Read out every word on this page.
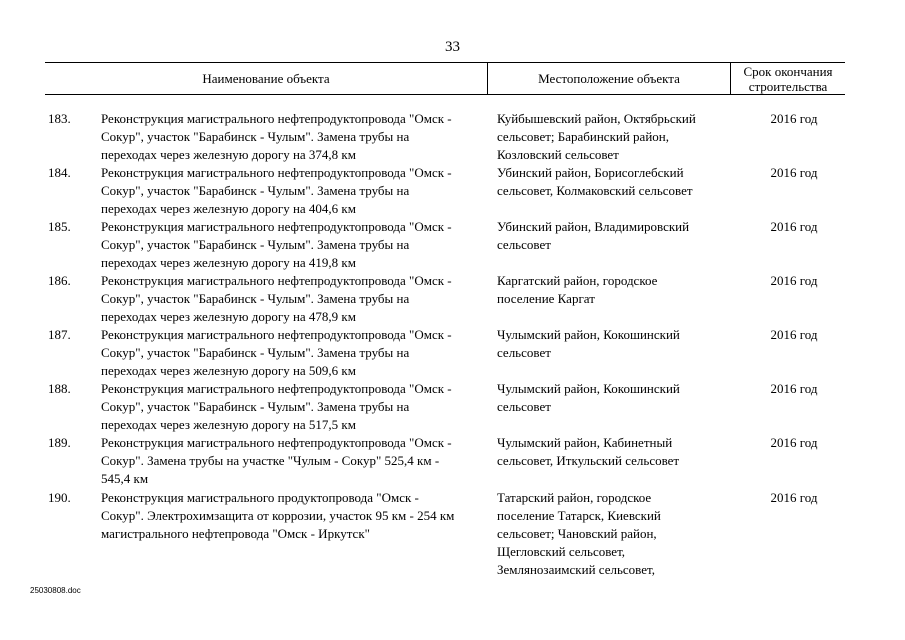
33
Наименование объекта	Местоположение объекта	Срок окончания строительства
183. Реконструкция магистрального нефтепродуктопровода "Омск -
Сокур", участок "Барабинск - Чулым". Замена трубы на
переходах через железную дорогу на 374,8 км
Куйбышевский район, Октябрьский
сельсовет; Барабинский район,
Козловский сельсовет
2016 год
184. Реконструкция магистрального нефтепродуктопровода "Омск -
Сокур", участок "Барабинск - Чулым". Замена трубы на
переходах через железную дорогу на 404,6 км
Убинский район, Борисоглебский
сельсовет, Колмаковский сельсовет
2016 год
185. Реконструкция магистрального нефтепродуктопровода "Омск -
Сокур", участок "Барабинск - Чулым". Замена трубы на
переходах через железную дорогу на 419,8 км
Убинский район, Владимировский
сельсовет
2016 год
186. Реконструкция магистрального нефтепродуктопровода "Омск -
Сокур", участок "Барабинск - Чулым". Замена трубы на
переходах через железную дорогу на 478,9 км
Каргатский район, городское
поселение Каргат
2016 год
187. Реконструкция магистрального нефтепродуктопровода "Омск -
Сокур", участок "Барабинск - Чулым". Замена трубы на
переходах через железную дорогу на 509,6 км
Чулымский район, Кокошинский
сельсовет
2016 год
188. Реконструкция магистрального нефтепродуктопровода "Омск -
Сокур", участок "Барабинск - Чулым". Замена трубы на
переходах через железную дорогу на 517,5 км
Чулымский район, Кокошинский
сельсовет
2016 год
189. Реконструкция магистрального нефтепродуктопровода "Омск -
Сокур". Замена трубы на участке "Чулым - Сокур" 525,4 км -
545,4 км
Чулымский район, Кабинетный
сельсовет, Иткульский сельсовет
2016 год
190. Реконструкция магистрального продуктопровода "Омск -
Сокур". Электрохимзащита от коррозии, участок 95 км - 254 км
магистрального нефтепровода "Омск - Иркутск"
Татарский район, городское
поселение Татарск, Киевский
сельсовет; Чановский район,
Щегловский сельсовет,
Землянозаимский сельсовет,
2016 год
25030808.doc
